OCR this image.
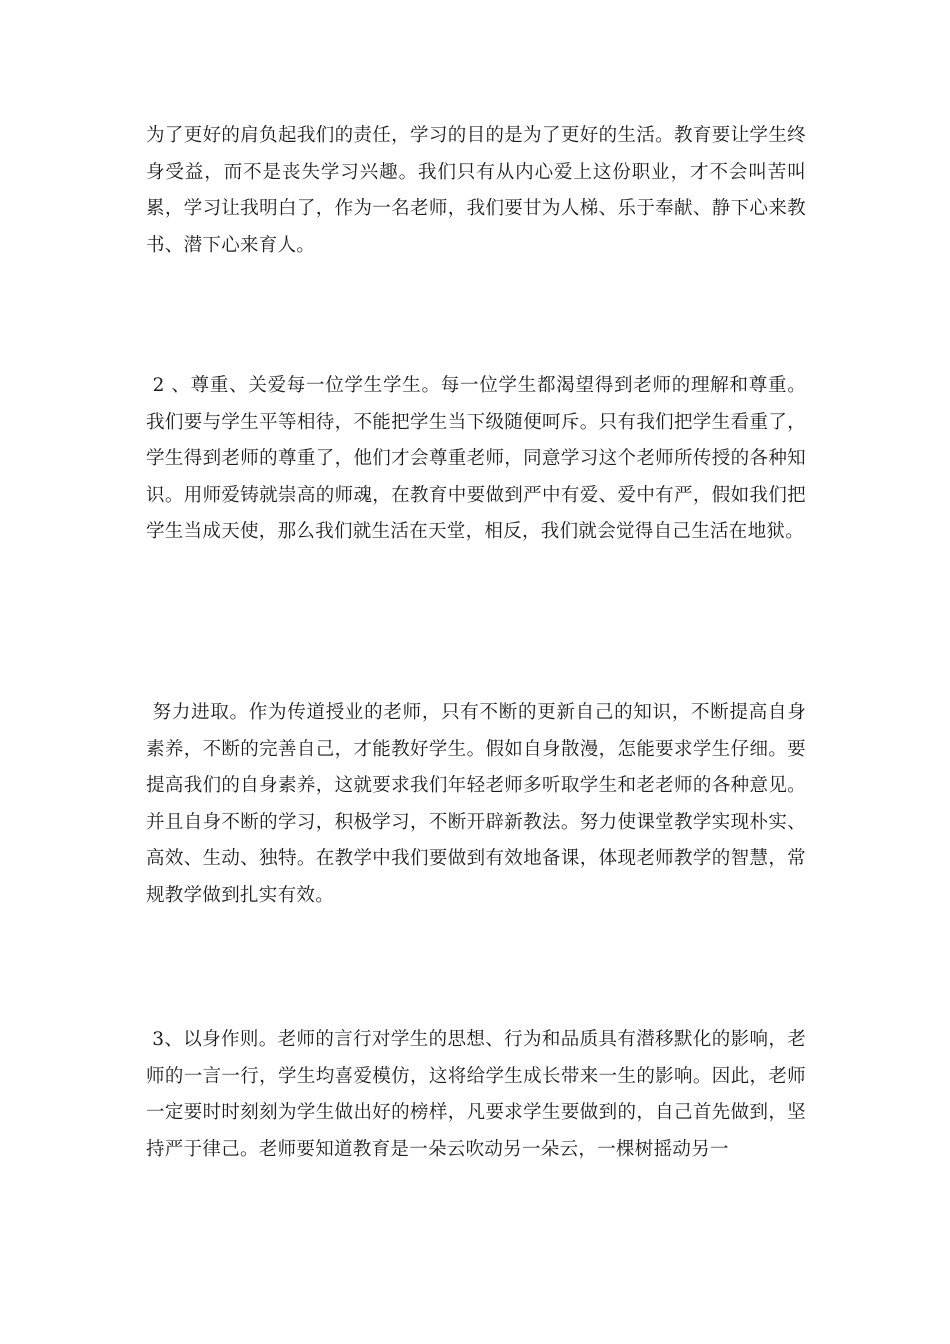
为了更好的肩负起我们的责任，学习的目的是为了更好的生活。教育要让学生终身受益，而不是丧失学习兴趣。我们只有从内心爱上这份职业，才不会叫苦叫累，学习让我明白了，作为一名老师，我们要甘为人梯、乐于奉献、静下心来教书、潜下心来育人。

2 、尊重、关爱每一位学生学生。每一位学生都渴望得到老师的理解和尊重。我们要与学生平等相待，不能把学生当下级随便呵斥。只有我们把学生看重了，学生得到老师的尊重了，他们才会尊重老师，同意学习这个老师所传授的各种知识。用师爱铸就崇高的师魂，在教育中要做到严中有爱、爱中有严，假如我们把学生当成天使，那么我们就生活在天堂，相反，我们就会觉得自己生活在地狱。

努力进取。作为传道授业的老师，只有不断的更新自己的知识，不断提高自身素养，不断的完善自己，才能教好学生。假如自身散漫，怎能要求学生仔细。要提高我们的自身素养，这就要求我们年轻老师多听取学生和老老师的各种意见。并且自身不断的学习，积极学习，不断开辟新教法。努力使课堂教学实现朴实、高效、生动、独特。在教学中我们要做到有效地备课，体现老师教学的智慧，常规教学做到扎实有效。

3、以身作则。老师的言行对学生的思想、行为和品质具有潜移默化的影响，老师的一言一行，学生均喜爱模仿，这将给学生成长带来一生的影响。因此，老师一定要时时刻刻为学生做出好的榜样，凡要求学生要做到的，自己首先做到，坚持严于律己。老师要知道教育是一朵云吹动另一朵云，一棵树摇动另一
